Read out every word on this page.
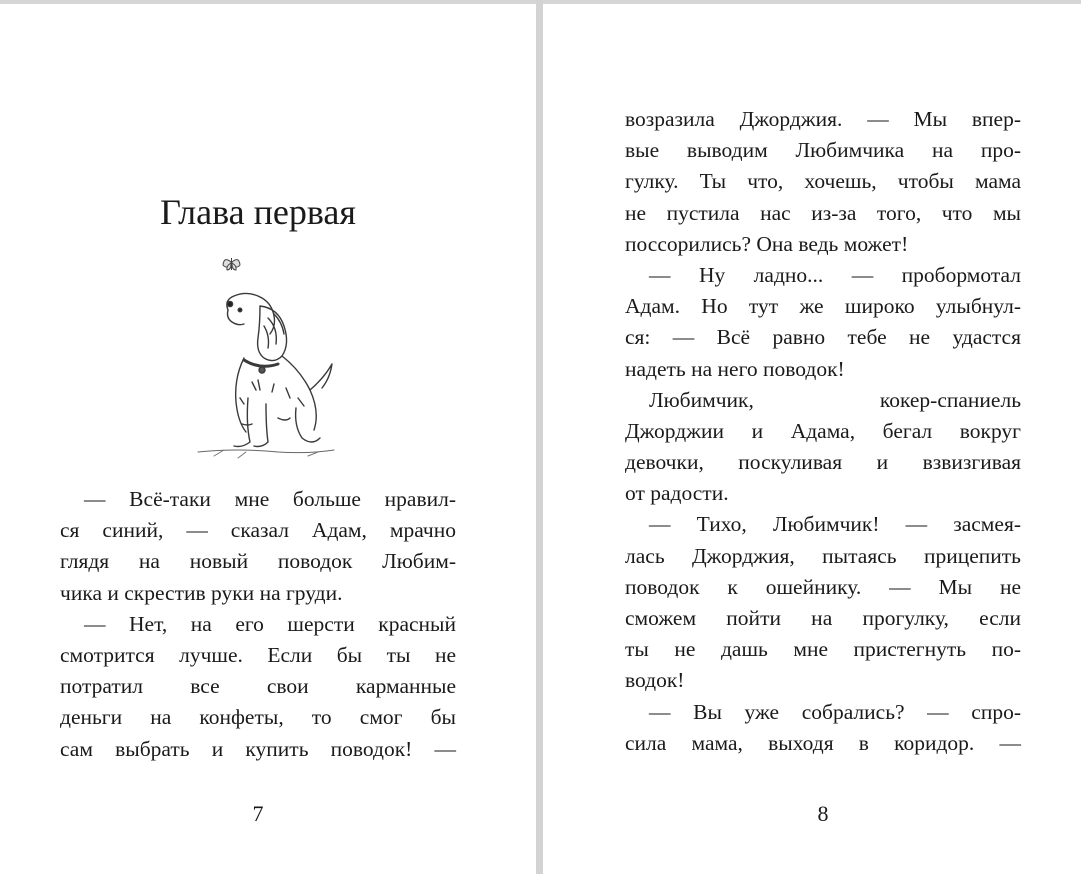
Глава первая
— Всё-таки мне больше нравил-
ся синий, — сказал Адам, мрачно
глядя на новый поводок Любим-
чика и скрестив руки на груди.
— Нет, на его шерсти красный
смотрится лучше. Если бы ты не
потратил все свои карманные
деньги на конфеты, то смог бы
сам выбрать и купить поводок! —
7
возразила Джорджия. — Мы впер-
вые выводим Любимчика на про-
гулку. Ты что, хочешь, чтобы мама
не пустила нас из-за того, что мы
поссорились? Она ведь может!
— Ну ладно... — пробормотал
Адам. Но тут же широко улыбнул-
ся: — Всё равно тебе не удастся
надеть на него поводок!
Любимчик, кокер-спаниель
Джорджии и Адама, бегал вокруг
девочки, поскуливая и взвизгивая
от радости.
— Тихо, Любимчик! — засмея-
лась Джорджия, пытаясь прицепить
поводок к ошейнику. — Мы не
сможем пойти на прогулку, если
ты не дашь мне пристегнуть по-
водок!
— Вы уже собрались? — спро-
сила мама, выходя в коридор. —
8
